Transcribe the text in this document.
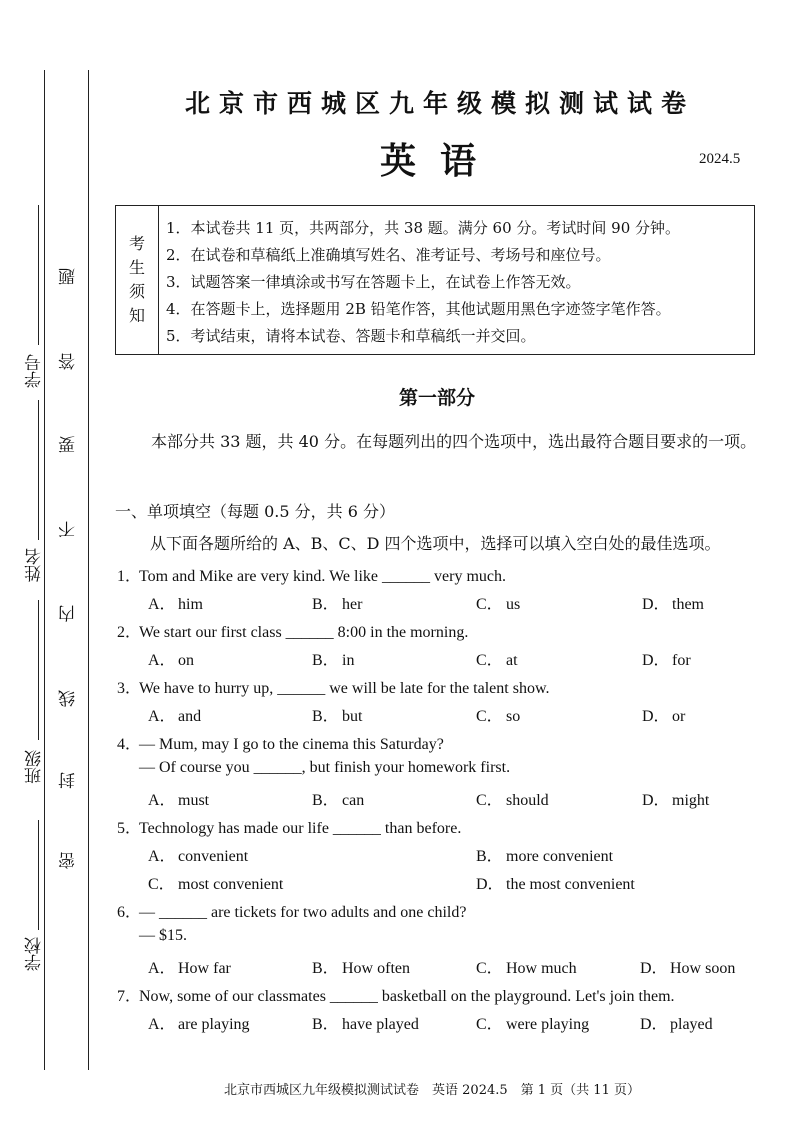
学校
班级
姓名
学号
密
封
线
内
不
要
答
题
北京市西城区九年级模拟测试试卷
英语	2024.5
考
生
须
知
1．本试卷共 11 页，共两部分，共 38 题。满分 60 分。考试时间 90 分钟。
2．在试卷和草稿纸上准确填写姓名、准考证号、考场号和座位号。
3．试题答案一律填涂或书写在答题卡上，在试卷上作答无效。
4．在答题卡上，选择题用 2B 铅笔作答，其他试题用黑色字迹签字笔作答。
5．考试结束，请将本试卷、答题卡和草稿纸一并交回。
第一部分
本部分共 33 题，共 40 分。在每题列出的四个选项中，选出最符合题目要求的一项。
一、单项填空（每题 0.5 分，共 6 分）
从下面各题所给的 A、B、C、D 四个选项中，选择可以填入空白处的最佳选项。
1．Tom and Mike are very kind. We like ______ very much.
A． him	B． her	C． us	D． them
2．We start our first class ______ 8:00 in the morning.
A． on	B． in	C． at	D． for
3．We have to hurry up, ______ we will be late for the talent show.
A． and	B． but	C． so	D． or
4．— Mum, may I go to the cinema this Saturday?
— Of course you ______, but finish your homework first.
A． must	B． can	C． should	D． might
5．Technology has made our life ______ than before.
A． convenient	B． more convenient
C． most convenient	D． the most convenient
6．— ______ are tickets for two adults and one child?
— $15.
A． How far	B． How often	C． How much	D． How soon
7．Now, some of our classmates ______ basketball on the playground. Let's join them.
A． are playing	B． have played	C． were playing	D． played
北京市西城区九年级模拟测试试卷　英语 2024.5　第 1 页（共 11 页）
